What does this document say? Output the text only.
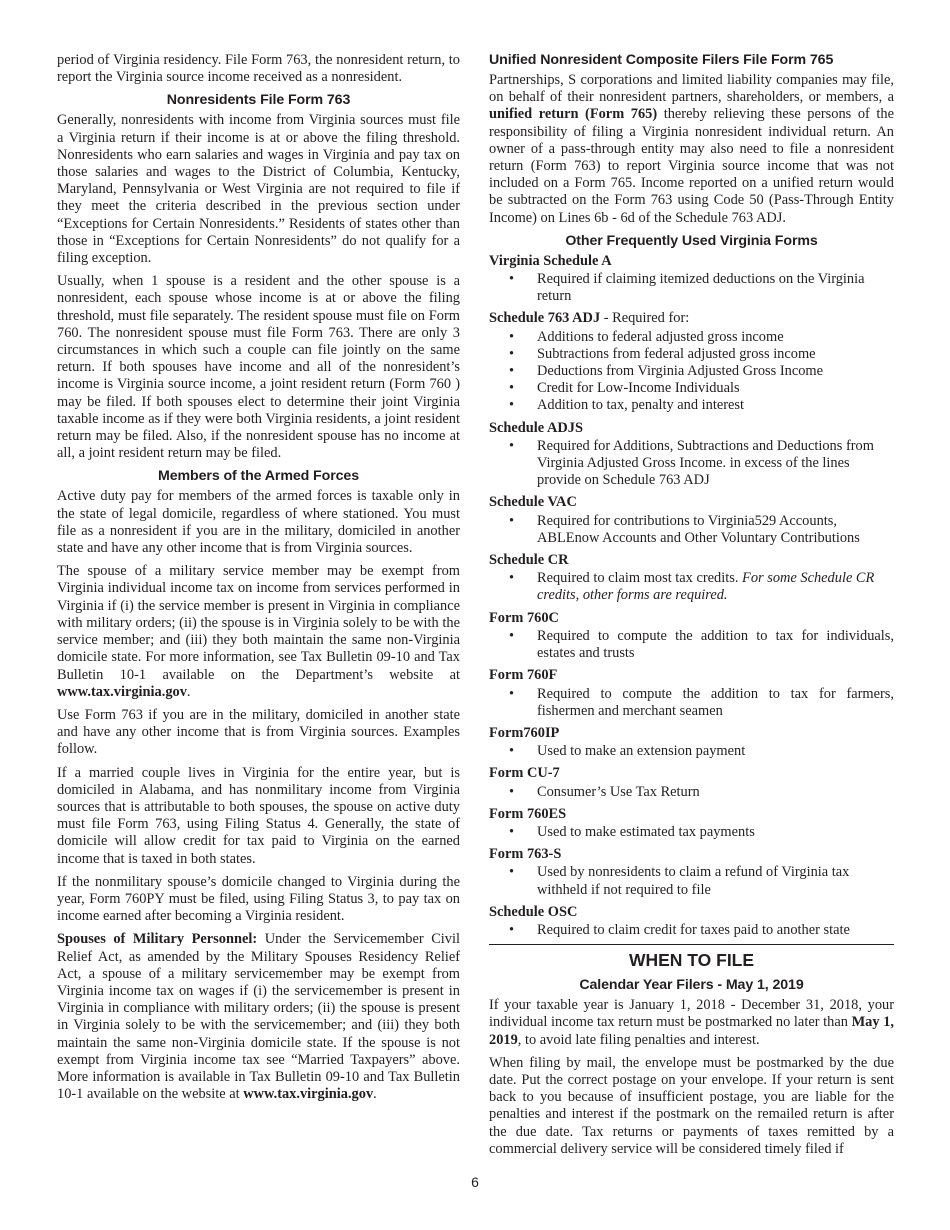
period of Virginia residency. File Form 763, the nonresident return, to report the Virginia source income received as a nonresident.

Nonresidents File Form 763

Generally, nonresidents with income from Virginia sources must file a Virginia return if their income is at or above the filing threshold. Nonresidents who earn salaries and wages in Virginia and pay tax on those salaries and wages to the District of Columbia, Kentucky, Maryland, Pennsylvania or West Virginia are not required to file if they meet the criteria described in the previous section under “Exceptions for Certain Nonresidents.” Residents of states other than those in “Exceptions for Certain Nonresidents” do not qualify for a filing exception.

Usually, when 1 spouse is a resident and the other spouse is a nonresident, each spouse whose income is at or above the filing threshold, must file separately. The resident spouse must file on Form 760. The nonresident spouse must file Form 763. There are only 3 circumstances in which such a couple can file jointly on the same return. If both spouses have income and all of the nonresident’s income is Virginia source income, a joint resident return (Form 760 ) may be filed. If both spouses elect to determine their joint Virginia taxable income as if they were both Virginia residents, a joint resident return may be filed. Also, if the nonresident spouse has no income at all, a joint resident return may be filed.

Members of the Armed Forces

Active duty pay for members of the armed forces is taxable only in the state of legal domicile, regardless of where stationed. You must file as a nonresident if you are in the military, domiciled in another state and have any other income that is from Virginia sources.

The spouse of a military service member may be exempt from Virginia individual income tax on income from services performed in Virginia if (i) the service member is present in Virginia in compliance with military orders; (ii) the spouse is in Virginia solely to be with the service member; and (iii) they both maintain the same non-Virginia domicile state. For more information, see Tax Bulletin 09-10 and Tax Bulletin 10-1 available on the Department’s website at www.tax.virginia.gov.

Use Form 763 if you are in the military, domiciled in another state and have any other income that is from Virginia sources. Examples follow.

If a married couple lives in Virginia for the entire year, but is domiciled in Alabama, and has nonmilitary income from Virginia sources that is attributable to both spouses, the spouse on active duty must file Form 763, using Filing Status 4. Generally, the state of domicile will allow credit for tax paid to Virginia on the earned income that is taxed in both states.

If the nonmilitary spouse’s domicile changed to Virginia during the year, Form 760PY must be filed, using Filing Status 3, to pay tax on income earned after becoming a Virginia resident.

Spouses of Military Personnel: Under the Servicemember Civil Relief Act, as amended by the Military Spouses Residency Relief Act, a spouse of a military servicemember may be exempt from Virginia income tax on wages if (i) the servicemember is present in Virginia in compliance with military orders; (ii) the spouse is present in Virginia solely to be with the servicemember; and (iii) they both maintain the same non-Virginia domicile state. If the spouse is not exempt from Virginia income tax see “Married Taxpayers” above. More information is available in Tax Bulletin 09-10 and Tax Bulletin 10-1 available on the website at www.tax.virginia.gov.

Unified Nonresident Composite Filers File Form 765

Partnerships, S corporations and limited liability companies may file, on behalf of their nonresident partners, shareholders, or members, a unified return (Form 765) thereby relieving these persons of the responsibility of filing a Virginia nonresident individual return. An owner of a pass-through entity may also need to file a nonresident return (Form 763) to report Virginia source income that was not included on a Form 765. Income reported on a unified return would be subtracted on the Form 763 using Code 50 (Pass-Through Entity Income) on Lines 6b - 6d of the Schedule 763 ADJ.

Other Frequently Used Virginia Forms
Virginia Schedule A
• Required if claiming itemized deductions on the Virginia return
Schedule 763 ADJ - Required for:
• Additions to federal adjusted gross income
• Subtractions from federal adjusted gross income
• Deductions from Virginia Adjusted Gross Income
• Credit for Low-Income Individuals
• Addition to tax, penalty and interest
Schedule ADJS
• Required for Additions, Subtractions and Deductions from Virginia Adjusted Gross Income. in excess of the lines provide on Schedule 763 ADJ
Schedule VAC
• Required for contributions to Virginia529 Accounts, ABLEnow Accounts and Other Voluntary Contributions
Schedule CR
• Required to claim most tax credits. For some Schedule CR credits, other forms are required.
Form 760C
• Required to compute the addition to tax for individuals, estates and trusts
Form 760F
• Required to compute the addition to tax for farmers, fishermen and merchant seamen
Form760IP
• Used to make an extension payment
Form CU-7
• Consumer’s Use Tax Return
Form 760ES
• Used to make estimated tax payments
Form 763-S
• Used by nonresidents to claim a refund of Virginia tax withheld if not required to file
Schedule OSC
• Required to claim credit for taxes paid to another state
WHEN TO FILE
Calendar Year Filers - May 1, 2019

If your taxable year is January 1, 2018 - December 31, 2018, your individual income tax return must be postmarked no later than May 1, 2019, to avoid late filing penalties and interest.

When filing by mail, the envelope must be postmarked by the due date. Put the correct postage on your envelope. If your return is sent back to you because of insufficient postage, you are liable for the penalties and interest if the postmark on the remailed return is after the due date. Tax returns or payments of taxes remitted by a commercial delivery service will be considered timely filed if

6
